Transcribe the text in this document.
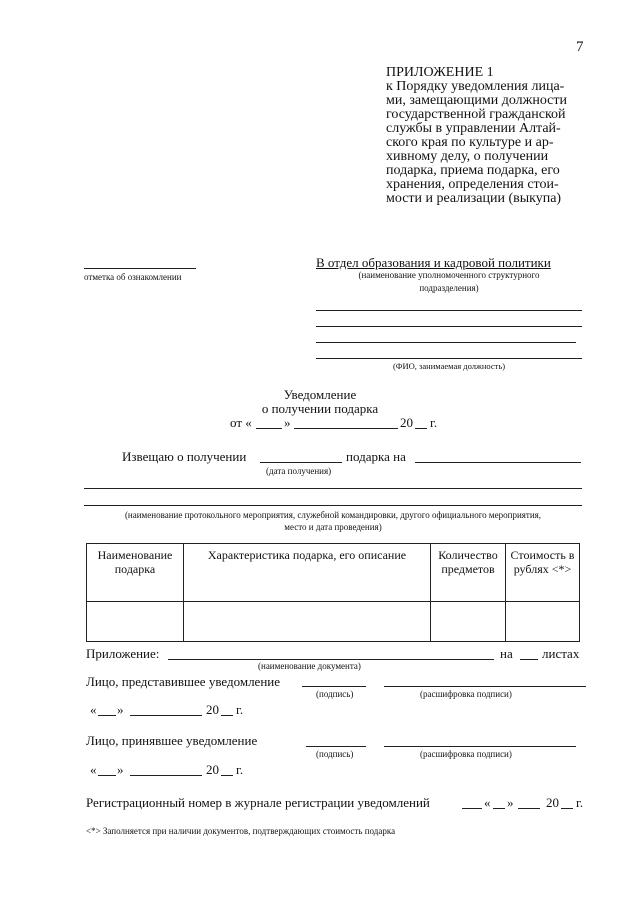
7
ПРИЛОЖЕНИЕ 1
к Порядку уведомления лица-
ми, замещающими должности
государственной гражданской
службы в управлении Алтай-
ского края по культуре и ар-
хивному делу, о получении
подарка, приема подарка, его
хранения, определения стои-
мости и реализации (выкупа)
отметка об ознакомлении
В отдел образования и кадровой политики
(наименование уполномоченного структурного
подразделения)
(ФИО, занимаемая должность)
Уведомление
о получении подарка
от « »	20 г.
Извещаю о получении	подарка на
(дата получения)
(наименование протокольного мероприятия, служебной командировки, другого официального мероприятия,
место и дата проведения)
Наименование подарка	Характеристика подарка, его описание	Количество предметов	Стоимость в рублях <*>

Приложение:	на листах
(наименование документа)
Лицо, представившее уведомление
(подпись)	(расшифровка подписи)
« »	20 г.
Лицо, принявшее уведомление
(подпись)	(расшифровка подписи)
« »	20 г.
Регистрационный номер в журнале регистрации уведомлений	« »	20 г.
<*> Заполняется при наличии документов, подтверждающих стоимость подарка
